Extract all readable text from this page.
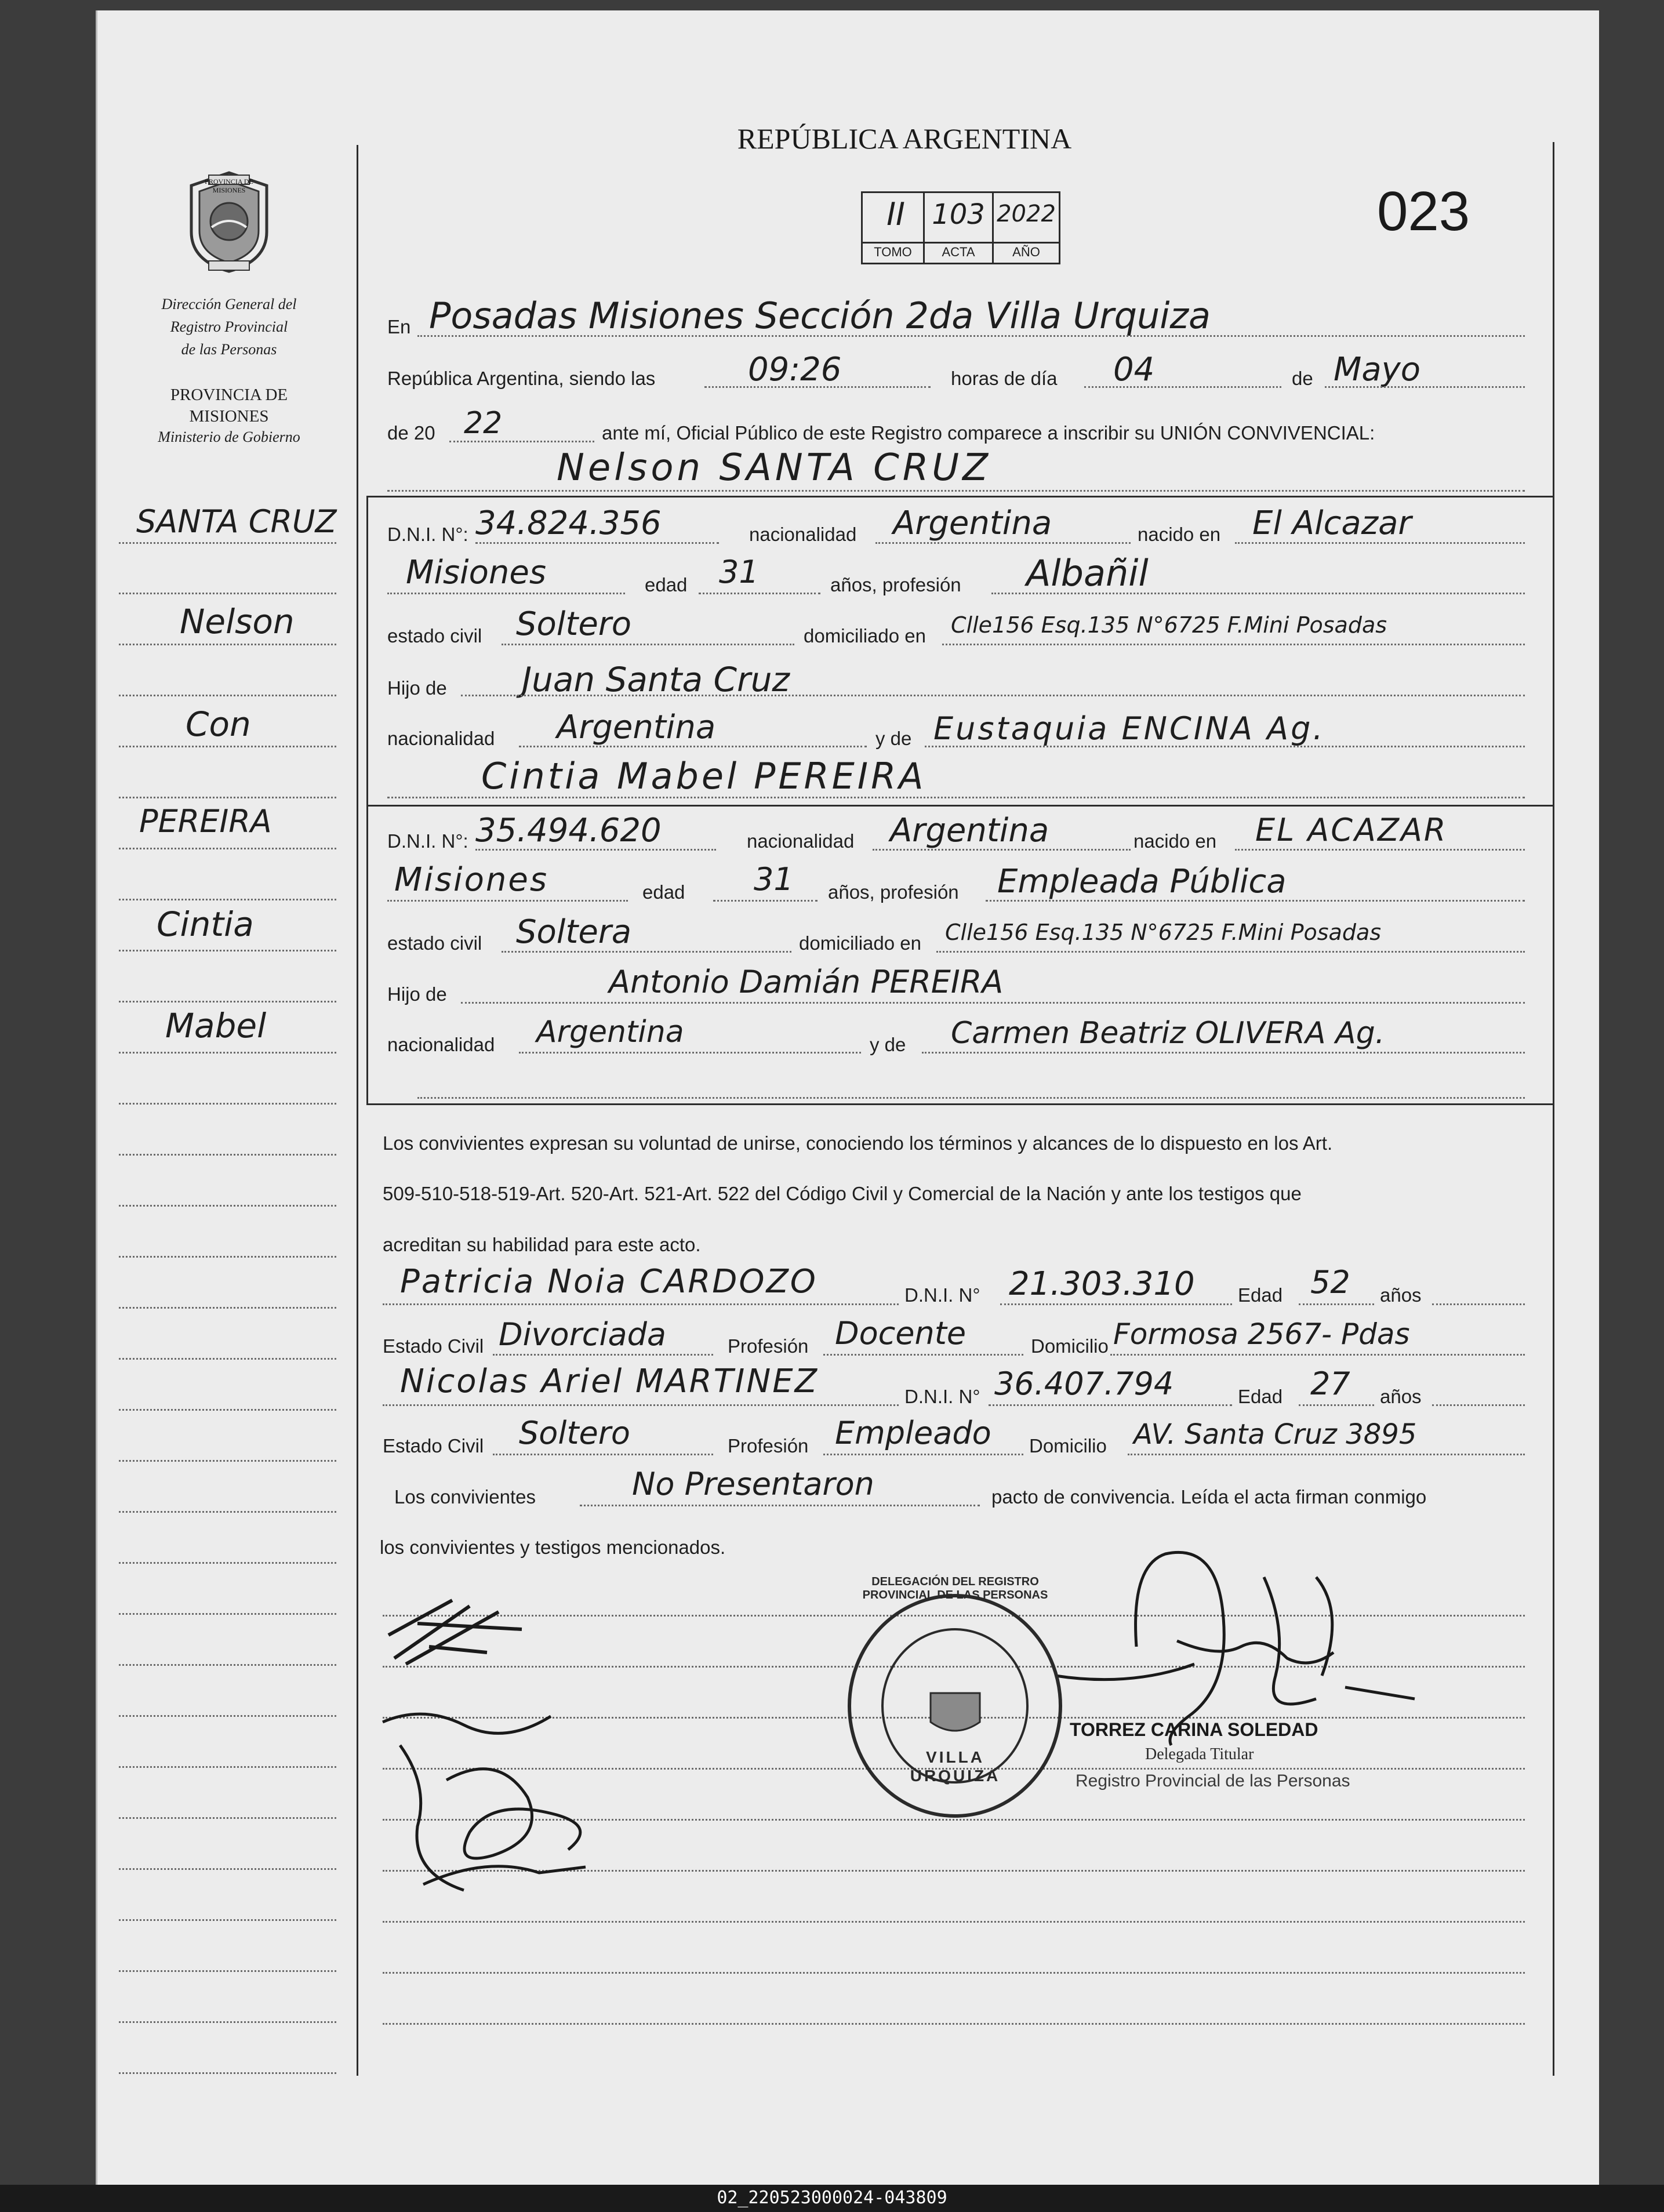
PROVINCIA DE MISIONES
Dirección General del
Registro Provincial
de las Personas
PROVINCIA DE
MISIONES
Ministerio de Gobierno
SANTA CRUZ
Nelson
Con
PEREIRA
Cintia
Mabel
REPÚBLICA ARGENTINA
023
II 103 2022
TOMO	ACTA	AÑO
En Posadas Misiones Sección 2da Villa Urquiza
República Argentina, siendo las	09:26	horas de día 04	de Mayo
de 20 22	ante mí, Oficial Público de este Registro comparece a inscribir su UNIÓN CONVIVENCIAL:
Nelson SANTA CRUZ
D.N.I. N°: 34.824.356	nacionalidad Argentina	nacido en El Alcazar
Misiones	edad 31	años, profesión Albañil
estado civil Soltero	domiciliado en Clle156 Esq.135 N°6725 F.Mini Posadas
Hijo de Juan Santa Cruz
nacionalidad Argentina	y de Eustaquia ENCINA Ag.
Cintia Mabel PEREIRA
D.N.I. N°: 35.494.620	nacionalidad Argentina	nacido en EL ACAZAR
Misiones	edad 31 años, profesión Empleada Pública
estado civil Soltera	domiciliado en Clle156 Esq.135 N°6725 F.Mini Posadas
Hijo de	Antonio Damián PEREIRA
nacionalidad Argentina	y de Carmen Beatriz OLIVERA Ag.
Los convivientes expresan su voluntad de unirse, conociendo los términos y alcances de lo dispuesto en los Art.
509-510-518-519-Art. 520-Art. 521-Art. 522 del Código Civil y Comercial de la Nación y ante los testigos que
acreditan su habilidad para este acto.
Patricia Noia CARDOZO	D.N.I. N° 21.303.310 Edad 52 años
Estado Civil Divorciada	Profesión Docente	Domicilio Formosa 2567- Pdas
Nicolas Ariel MARTINEZ	D.N.I. N° 36.407.794	Edad 27 años
Estado Civil Soltero	Profesión Empleado Domicilio AV. Santa Cruz 3895
Los convivientes	No Presentaron	pacto de convivencia. Leída el acta firman conmigo
los convivientes y testigos mencionados.
DELEGACIÓN DEL REGISTRO PROVINCIAL DE LAS PERSONAS
VILLA URQUIZA
TORREZ CARINA SOLEDAD
Delegada Titular
Registro Provincial de las Personas
02_220523000024-043809
